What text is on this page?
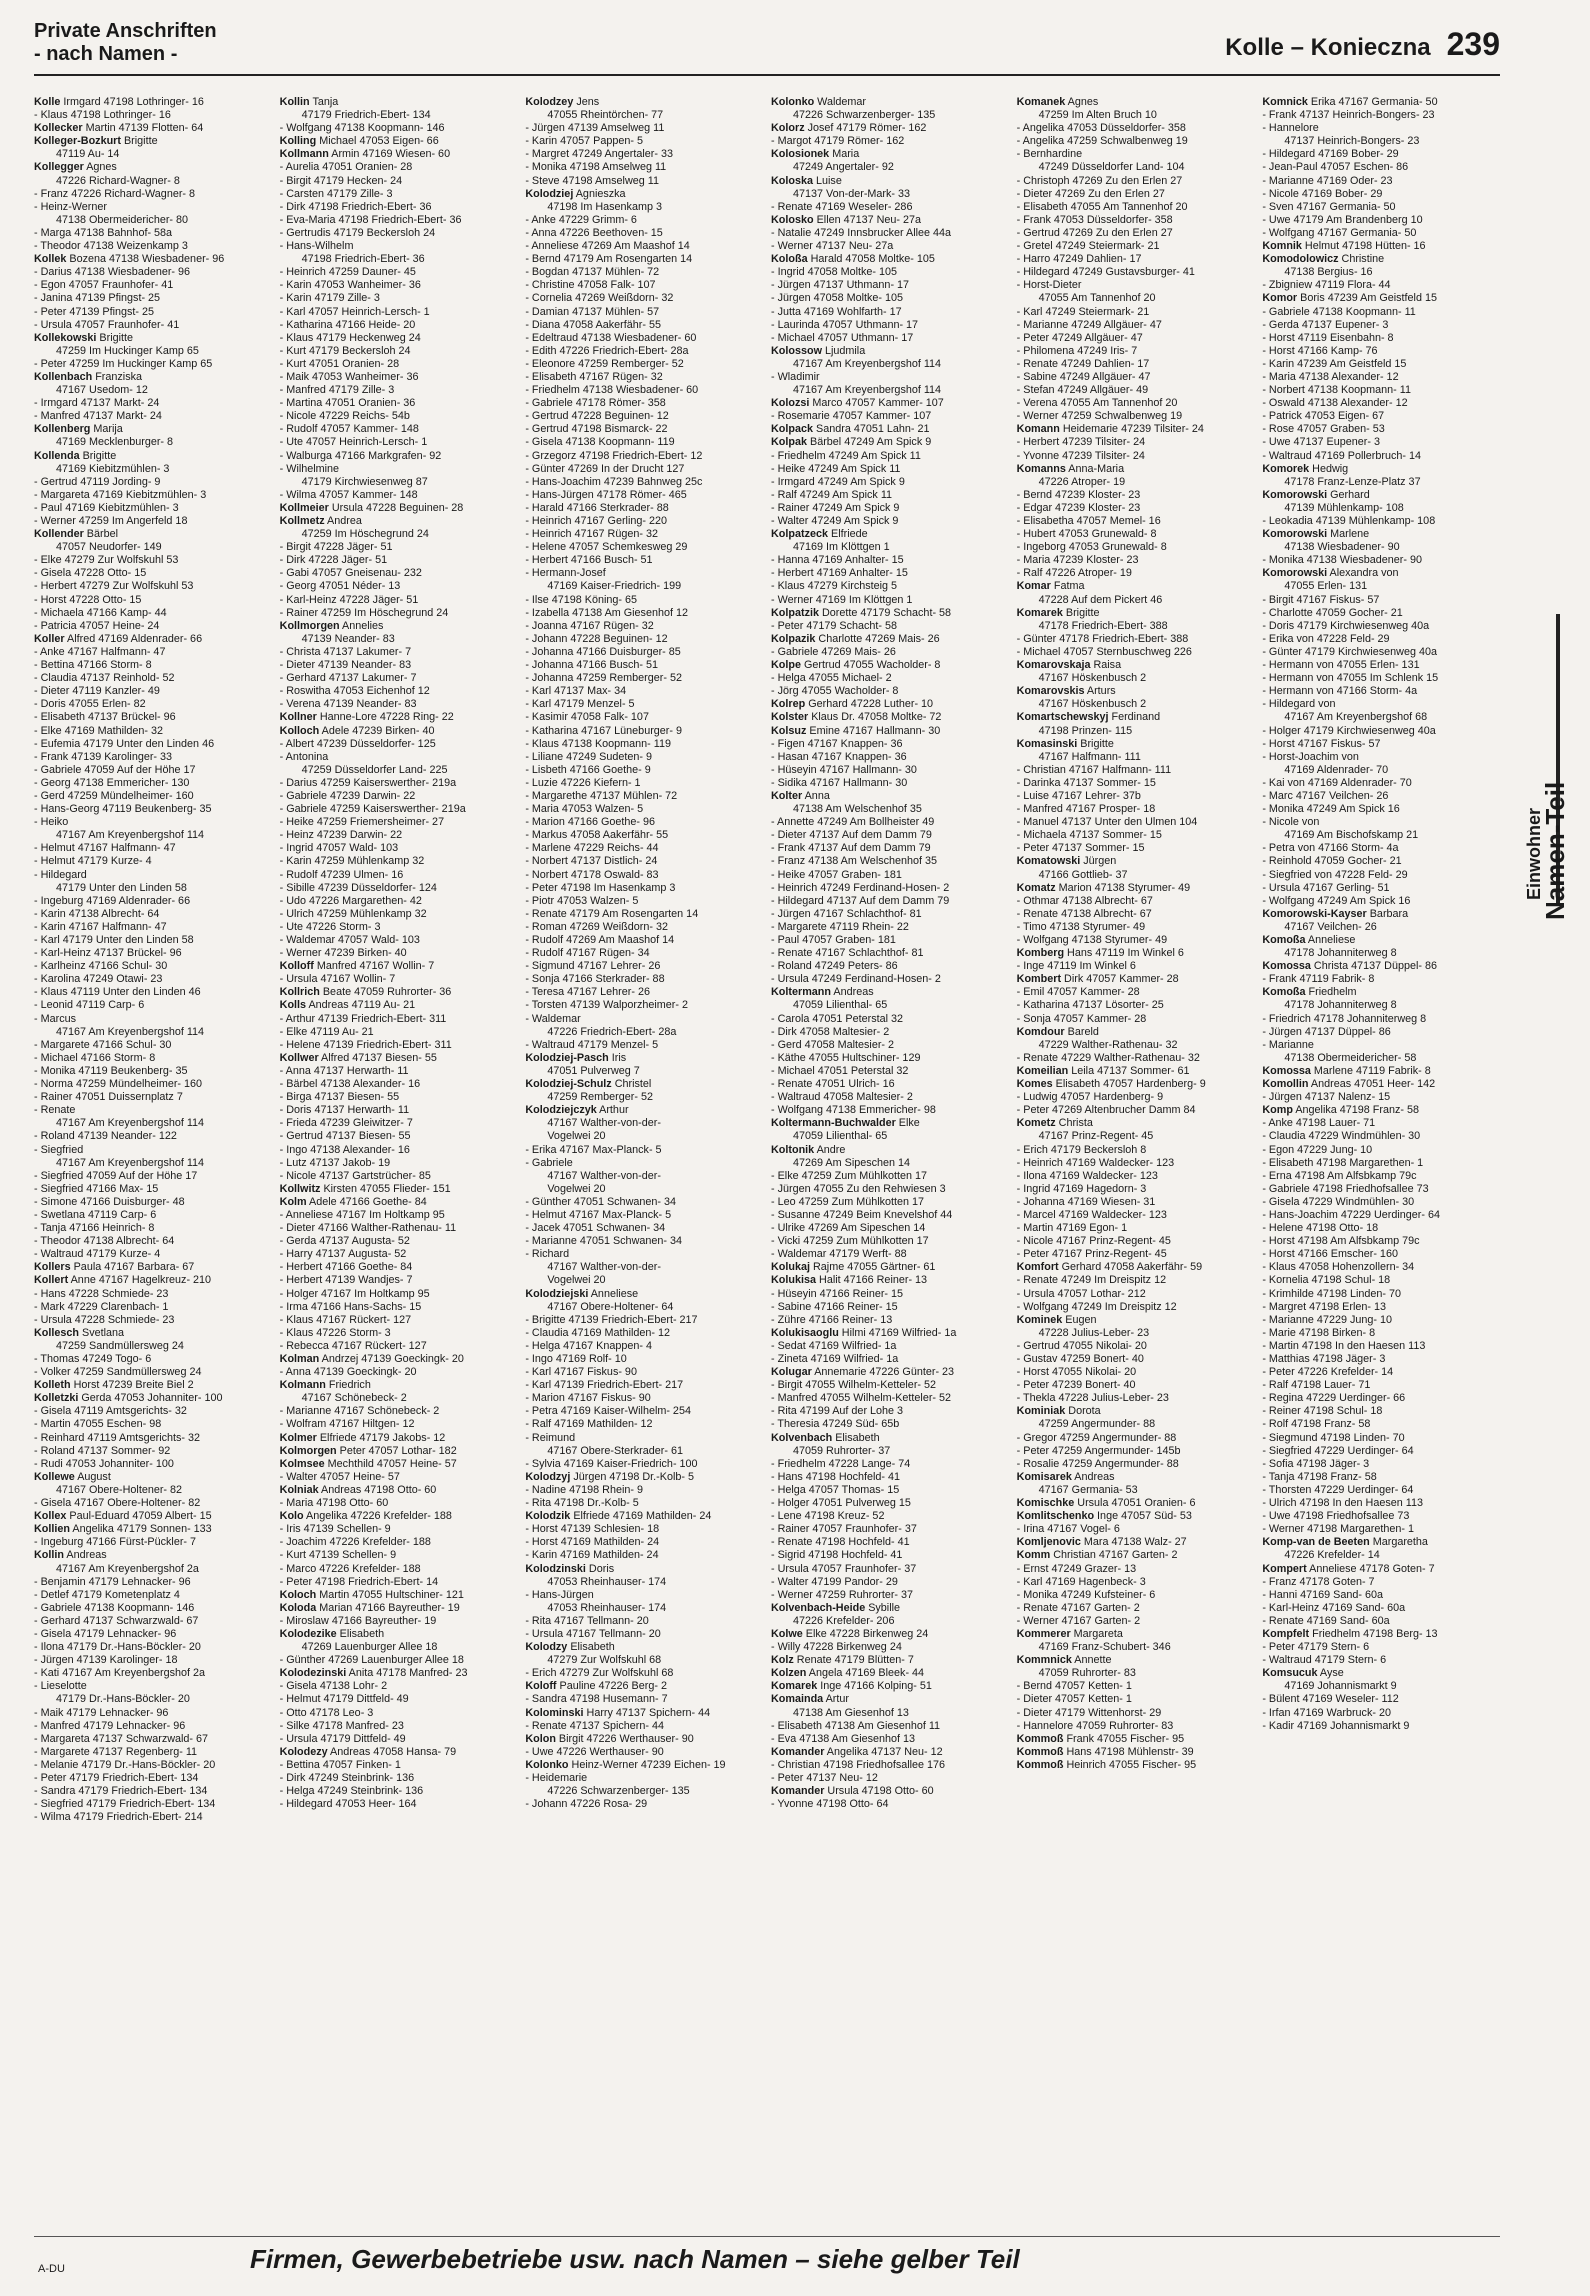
Private Anschriften
- nach Namen -	Kolle – Konieczna 239
Kolle Irmgard 47198 Lothringer- 16
- Klaus 47198 Lothringer- 16
Kollecker Martin 47139 Flotten- 64
Kolleger-Bozkurt Brigitte
47119 Au- 14
Kollegger Agnes
47226 Richard-Wagner- 8
- Franz 47226 Richard-Wagner- 8
- Heinz-Werner
47138 Obermeidericher- 80
- Marga 47138 Bahnhof- 58a
- Theodor 47138 Weizenkamp 3
Kollek Bozena 47138 Wiesbadener- 96
- Darius 47138 Wiesbadener- 96
- Egon 47057 Fraunhofer- 41
- Janina 47139 Pfingst- 25
- Peter 47139 Pfingst- 25
- Ursula 47057 Fraunhofer- 41
Kollekowski Brigitte
47259 Im Huckinger Kamp 65
- Peter 47259 Im Huckinger Kamp 65
Kollenbach Franziska
47167 Usedom- 12
- Irmgard 47137 Markt- 24
- Manfred 47137 Markt- 24
Kollenberg Marija
47169 Mecklenburger- 8
Kollenda Brigitte
47169 Kiebitzmühlen- 3
- Gertrud 47119 Jording- 9
- Margareta 47169 Kiebitzmühlen- 3
- Paul 47169 Kiebitzmühlen- 3
- Werner 47259 Im Angerfeld 18
Kollender Bärbel
47057 Neudorfer- 149
- Elke 47279 Zur Wolfskuhl 53
- Gisela 47228 Otto- 15
- Herbert 47279 Zur Wolfskuhl 53
- Horst 47228 Otto- 15
- Michaela 47166 Kamp- 44
- Patricia 47057 Heine- 24
Koller Alfred 47169 Aldenrader- 66
- Anke 47167 Halfmann- 47
- Bettina 47166 Storm- 8
- Claudia 47137 Reinhold- 52
- Dieter 47119 Kanzler- 49
- Doris 47055 Erlen- 82
- Elisabeth 47137 Brückel- 96
- Elke 47169 Mathilden- 32
- Eufemia 47179 Unter den Linden 46
- Frank 47139 Karolinger- 33
- Gabriele 47059 Auf der Höhe 17
- Georg 47138 Emmericher- 130
- Gerd 47259 Mündelheimer- 160
- Hans-Georg 47119 Beukenberg- 35
- Heiko
47167 Am Kreyenbergshof 114
- Helmut 47167 Halfmann- 47
- Helmut 47179 Kurze- 4
- Hildegard
47179 Unter den Linden 58
- Ingeburg 47169 Aldenrader- 66
- Karin 47138 Albrecht- 64
- Karin 47167 Halfmann- 47
- Karl 47179 Unter den Linden 58
- Karl-Heinz 47137 Brückel- 96
- Karlheinz 47166 Schul- 30
- Karolina 47249 Otawi- 23
- Klaus 47119 Unter den Linden 46
- Leonid 47119 Carp- 6
- Marcus
47167 Am Kreyenbergshof 114
- Margarete 47166 Schul- 30
- Michael 47166 Storm- 8
- Monika 47119 Beukenberg- 35
- Norma 47259 Mündelheimer- 160
- Rainer 47051 Duissernplatz 7
- Renate
47167 Am Kreyenbergshof 114
- Roland 47139 Neander- 122
- Siegfried
47167 Am Kreyenbergshof 114
- Siegfried 47059 Auf der Höhe 17
- Siegfried 47166 Max- 15
- Simone 47166 Duisburger- 48
- Swetlana 47119 Carp- 6
- Tanja 47166 Heinrich- 8
- Theodor 47138 Albrecht- 64
- Waltraud 47179 Kurze- 4
Kollers Paula 47167 Barbara- 67
Kollert Anne 47167 Hagelkreuz- 210
- Hans 47228 Schmiede- 23
- Mark 47229 Clarenbach- 1
- Ursula 47228 Schmiede- 23
Kollesch Svetlana
47259 Sandmüllersweg 24
- Thomas 47249 Togo- 6
- Volker 47259 Sandmüllersweg 24
Kolleth Horst 47239 Breite Biel 2
Kolletzki Gerda 47053 Johanniter- 100
- Gisela 47119 Amtsgerichts- 32
- Martin 47055 Eschen- 98
- Reinhard 47119 Amtsgerichts- 32
- Roland 47137 Sommer- 92
- Rudi 47053 Johanniter- 100
Kollewe August
47167 Obere-Holtener- 82
- Gisela 47167 Obere-Holtener- 82
Kollex Paul-Eduard 47059 Albert- 15
Kollien Angelika 47179 Sonnen- 133
- Ingeburg 47166 Fürst-Pückler- 7
Kollin Andreas
47167 Am Kreyenbergshof 2a
- Benjamin 47179 Lehnacker- 96
- Detlef 47179 Kometenplatz 4
- Gabriele 47138 Koopmann- 146
- Gerhard 47137 Schwarzwald- 67
- Gisela 47179 Lehnacker- 96
- Ilona 47179 Dr.-Hans-Böckler- 20
- Jürgen 47139 Karolinger- 18
- Kati 47167 Am Kreyenbergshof 2a
- Lieselotte
47179 Dr.-Hans-Böckler- 20
- Maik 47179 Lehnacker- 96
- Manfred 47179 Lehnacker- 96
- Margareta 47137 Schwarzwald- 67
- Margarete 47137 Regenberg- 11
- Melanie 47179 Dr.-Hans-Böckler- 20
- Peter 47179 Friedrich-Ebert- 134
- Sandra 47179 Friedrich-Ebert- 134
- Siegfried 47179 Friedrich-Ebert- 134
- Wilma 47179 Friedrich-Ebert- 214
Kollin Tanja
47179 Friedrich-Ebert- 134
- Wolfgang 47138 Koopmann- 146
Kolling Michael 47053 Eigen- 66
Kollmann Armin 47169 Wiesen- 60
- Aurelia 47051 Oranien- 28
- Birgit 47179 Hecken- 24
- Carsten 47179 Zille- 3
- Dirk 47198 Friedrich-Ebert- 36
- Eva-Maria 47198 Friedrich-Ebert- 36
- Gertrudis 47179 Beckersloh 24
- Hans-Wilhelm
47198 Friedrich-Ebert- 36
- Heinrich 47259 Dauner- 45
- Karin 47053 Wanheimer- 36
- Karin 47179 Zille- 3
- Karl 47057 Heinrich-Lersch- 1
- Katharina 47166 Heide- 20
- Klaus 47179 Heckenweg 24
- Kurt 47179 Beckersloh 24
- Kurt 47051 Oranien- 28
- Maik 47053 Wanheimer- 36
- Manfred 47179 Zille- 3
- Martina 47051 Oranien- 36
- Nicole 47229 Reichs- 54b
- Rudolf 47057 Kammer- 148
- Ute 47057 Heinrich-Lersch- 1
- Walburga 47166 Markgrafen- 92
- Wilhelmine
47179 Kirchwiesenweg 87
- Wilma 47057 Kammer- 148
Kollmeier Ursula 47228 Beguinen- 28
Kollmetz Andrea
47259 Im Höschegrund 24
- Birgit 47228 Jäger- 51
- Dirk 47228 Jäger- 51
- Gabi 47057 Gneisenau- 232
- Georg 47051 Néder- 13
- Karl-Heinz 47228 Jäger- 51
- Rainer 47259 Im Höschegrund 24
Kollmorgen Annelies
47139 Neander- 83
- Christa 47137 Lakumer- 7
- Dieter 47139 Neander- 83
- Gerhard 47137 Lakumer- 7
- Roswitha 47053 Eichenhof 12
- Verena 47139 Neander- 83
Kollner Hanne-Lore 47228 Ring- 22
Kolloch Adele 47239 Birken- 40
- Albert 47239 Düsseldorfer- 125
- Antonina
47259 Düsseldorfer Land- 225
- Darius 47259 Kaiserswerther- 219a
- Gabriele 47239 Darwin- 22
- Gabriele 47259 Kaiserswerther- 219a
- Heike 47259 Friemersheimer- 27
- Heinz 47239 Darwin- 22
- Ingrid 47057 Wald- 103
- Karin 47259 Mühlenkamp 32
- Rudolf 47239 Ulmen- 16
- Sibille 47239 Düsseldorfer- 124
- Udo 47226 Margarethen- 42
- Ulrich 47259 Mühlenkamp 32
- Ute 47226 Storm- 3
- Waldemar 47057 Wald- 103
- Werner 47239 Birken- 40
Kolloff Manfred 47167 Wollin- 7
- Ursula 47167 Wollin- 7
Kollrich Beate 47059 Ruhrorter- 36
Kolls Andreas 47119 Au- 21
- Arthur 47139 Friedrich-Ebert- 311
- Elke 47119 Au- 21
- Helene 47139 Friedrich-Ebert- 311
Kollwer Alfred 47137 Biesen- 55
- Anna 47137 Herwarth- 11
- Bärbel 47138 Alexander- 16
- Birga 47137 Biesen- 55
- Doris 47137 Herwarth- 11
- Frieda 47239 Gleiwitzer- 7
- Gertrud 47137 Biesen- 55
- Ingo 47138 Alexander- 16
- Lutz 47137 Jakob- 19
- Nicole 47137 Gartstrücher- 85
Kollwitz Kirsten 47055 Flieder- 151
Kolm Adele 47166 Goethe- 84
- Anneliese 47167 Im Holtkamp 95
- Dieter 47166 Walther-Rathenau- 11
- Gerda 47137 Augusta- 52
- Harry 47137 Augusta- 52
- Herbert 47166 Goethe- 84
- Herbert 47139 Wandjes- 7
- Holger 47167 Im Holtkamp 95
- Irma 47166 Hans-Sachs- 15
- Klaus 47167 Rückert- 127
- Klaus 47226 Storm- 3
- Rebecca 47167 Rückert- 127
Kolman Andrzej 47139 Goeckingk- 20
- Anna 47139 Goeckingk- 20
Kolmann Friedrich
47167 Schönebeck- 2
- Marianne 47167 Schönebeck- 2
- Wolfram 47167 Hiltgen- 12
Kolmer Elfriede 47179 Jakobs- 12
Kolmorgen Peter 47057 Lothar- 182
Kolmsee Mechthild 47057 Heine- 57
- Walter 47057 Heine- 57
Kolniak Andreas 47198 Otto- 60
- Maria 47198 Otto- 60
Kolo Angelika 47226 Krefelder- 188
- Iris 47139 Schellen- 9
- Joachim 47226 Krefelder- 188
- Kurt 47139 Schellen- 9
- Marco 47226 Krefelder- 188
- Peter 47198 Friedrich-Ebert- 14
Koloch Martin 47055 Hultschiner- 121
Koloda Marian 47166 Bayreuther- 19
- Miroslaw 47166 Bayreuther- 19
Kolodezike Elisabeth
47269 Lauenburger Allee 18
- Günther 47269 Lauenburger Allee 18
Kolodezinski Anita 47178 Manfred- 23
- Gisela 47138 Lohr- 2
- Helmut 47179 Dittfeld- 49
- Otto 47178 Leo- 3
- Silke 47178 Manfred- 23
- Ursula 47179 Dittfeld- 49
Kolodezy Andreas 47058 Hansa- 79
- Bettina 47057 Finken- 1
- Dirk 47249 Steinbrink- 136
- Helga 47249 Steinbrink- 136
- Hildegard 47053 Heer- 164
Kolodzey Jens
47055 Rheintörchen- 77
- Jürgen 47139 Amselweg 11
- Karin 47057 Pappen- 5
- Margret 47249 Angertaler- 33
- Monika 47198 Amselweg 11
- Steve 47198 Amselweg 11
Kolodziej Agnieszka
47198 Im Hasenkamp 3
- Anke 47229 Grimm- 6
- Anna 47226 Beethoven- 15
- Anneliese 47269 Am Maashof 14
- Bernd 47179 Am Rosengarten 14
- Bogdan 47137 Mühlen- 72
- Christine 47058 Falk- 107
- Cornelia 47269 Weißdorn- 32
- Damian 47137 Mühlen- 57
- Diana 47058 Aakerfähr- 55
- Edeltraud 47138 Wiesbadener- 60
- Edith 47226 Friedrich-Ebert- 28a
- Eleonore 47259 Remberger- 52
- Elisabeth 47167 Rügen- 32
- Friedhelm 47138 Wiesbadener- 60
- Gabriele 47178 Römer- 358
- Gertrud 47228 Beguinen- 12
- Gertrud 47198 Bismarck- 22
- Gisela 47138 Koopmann- 119
- Grzegorz 47198 Friedrich-Ebert- 12
- Günter 47269 In der Drucht 127
- Hans-Joachim 47239 Bahnweg 25c
- Hans-Jürgen 47178 Römer- 465
- Harald 47166 Sterkrader- 88
- Heinrich 47167 Gerling- 220
- Heinrich 47167 Rügen- 32
- Helene 47057 Schemkesweg 29
- Herbert 47166 Busch- 51
- Hermann-Josef
47169 Kaiser-Friedrich- 199
- Ilse 47198 Köning- 65
- Izabella 47138 Am Giesenhof 12
- Joanna 47167 Rügen- 32
- Johann 47228 Beguinen- 12
- Johanna 47166 Duisburger- 85
- Johanna 47166 Busch- 51
- Johanna 47259 Remberger- 52
- Karl 47137 Max- 34
- Karl 47179 Menzel- 5
- Kasimir 47058 Falk- 107
- Katharina 47167 Lüneburger- 9
- Klaus 47138 Koopmann- 119
- Liliane 47249 Sudeten- 9
- Lisbeth 47166 Goethe- 9
- Luzie 47226 Kiefern- 1
- Margarethe 47137 Mühlen- 72
- Maria 47053 Walzen- 5
- Marion 47166 Goethe- 96
- Markus 47058 Aakerfähr- 55
- Marlene 47229 Reichs- 44
- Norbert 47137 Distlich- 24
- Norbert 47178 Oswald- 83
- Peter 47198 Im Hasenkamp 3
- Piotr 47053 Walzen- 5
- Renate 47179 Am Rosengarten 14
- Roman 47269 Weißdorn- 32
- Rudolf 47269 Am Maashof 14
- Rudolf 47167 Rügen- 34
- Sigmund 47167 Lehrer- 26
- Sonja 47166 Sterkrader- 88
- Teresa 47167 Lehrer- 26
- Torsten 47139 Walporzheimer- 2
- Waldemar
47226 Friedrich-Ebert- 28a
- Waltraud 47179 Menzel- 5
Kolodziej-Pasch Iris
47051 Pulverweg 7
Kolodziej-Schulz Christel
47259 Remberger- 52
Kolodziejczyk Arthur
47167 Walther-von-der-
Vogelwei 20
- Erika 47167 Max-Planck- 5
- Gabriele
47167 Walther-von-der-
Vogelwei 20
- Günther 47051 Schwanen- 34
- Helmut 47167 Max-Planck- 5
- Jacek 47051 Schwanen- 34
- Marianne 47051 Schwanen- 34
- Richard
47167 Walther-von-der-
Vogelwei 20
Kolodziejski Anneliese
47167 Obere-Holtener- 64
- Brigitte 47139 Friedrich-Ebert- 217
- Claudia 47169 Mathilden- 12
- Helga 47167 Knappen- 4
- Ingo 47169 Rolf- 10
- Karl 47167 Fiskus- 90
- Karl 47139 Friedrich-Ebert- 217
- Marion 47167 Fiskus- 90
- Petra 47169 Kaiser-Wilhelm- 254
- Ralf 47169 Mathilden- 12
- Reimund
47167 Obere-Sterkrader- 61
- Sylvia 47169 Kaiser-Friedrich- 100
Kolodzyj Jürgen 47198 Dr.-Kolb- 5
- Nadine 47198 Rhein- 9
- Rita 47198 Dr.-Kolb- 5
Kolodzik Elfriede 47169 Mathilden- 24
- Horst 47139 Schlesien- 18
- Horst 47169 Mathilden- 24
- Karin 47169 Mathilden- 24
Kolodzinski Doris
47053 Rheinhauser- 174
- Hans-Jürgen
47053 Rheinhauser- 174
- Rita 47167 Tellmann- 20
- Ursula 47167 Tellmann- 20
Kolodzy Elisabeth
47279 Zur Wolfskuhl 68
- Erich 47279 Zur Wolfskuhl 68
Koloff Pauline 47226 Berg- 2
- Sandra 47198 Husemann- 7
Kolominski Harry 47137 Spichern- 44
- Renate 47137 Spichern- 44
Kolon Birgit 47226 Werthauser- 90
- Uwe 47226 Werthauser- 90
Kolonko Heinz-Werner 47239 Eichen- 19
- Heidemarie
47226 Schwarzenberger- 135
- Johann 47226 Rosa- 29
Kolonko Waldemar
47226 Schwarzenberger- 135
Kolorz Josef 47179 Römer- 162
- Margot 47179 Römer- 162
Kolosionek Maria
47249 Angertaler- 92
Koloska Luise
47137 Von-der-Mark- 33
- Renate 47169 Weseler- 286
Kolosko Ellen 47137 Neu- 27a
- Natalie 47249 Innsbrucker Allee 44a
- Werner 47137 Neu- 27a
Koloßa Harald 47058 Moltke- 105
- Ingrid 47058 Moltke- 105
- Jürgen 47137 Uthmann- 17
- Jürgen 47058 Moltke- 105
- Jutta 47169 Wohlfarth- 17
- Laurinda 47057 Uthmann- 17
- Michael 47057 Uthmann- 17
Kolossow Ljudmila
47167 Am Kreyenbergshof 114
- Wladimir
47167 Am Kreyenbergshof 114
Kolozsi Marco 47057 Kammer- 107
- Rosemarie 47057 Kammer- 107
Kolpack Sandra 47051 Lahn- 21
Kolpak Bärbel 47249 Am Spick 9
- Friedhelm 47249 Am Spick 11
- Heike 47249 Am Spick 11
- Irmgard 47249 Am Spick 9
- Ralf 47249 Am Spick 11
- Rainer 47249 Am Spick 9
- Walter 47249 Am Spick 9
Kolpatzeck Elfriede
47169 Im Klöttgen 1
- Hanna 47169 Anhalter- 15
- Herbert 47169 Anhalter- 15
- Klaus 47279 Kirchsteig 5
- Werner 47169 Im Klöttgen 1
Kolpatzik Dorette 47179 Schacht- 58
- Peter 47179 Schacht- 58
Kolpazik Charlotte 47269 Mais- 26
- Gabriele 47269 Mais- 26
Kolpe Gertrud 47055 Wacholder- 8
- Helga 47055 Michael- 2
- Jörg 47055 Wacholder- 8
Kolrep Gerhard 47228 Luther- 10
Kolster Klaus Dr. 47058 Moltke- 72
Kolsuz Emine 47167 Hallmann- 30
- Figen 47167 Knappen- 36
- Hasan 47167 Knappen- 36
- Hüseyin 47167 Hallmann- 30
- Sidika 47167 Hallmann- 30
Kolter Anna
47138 Am Welschenhof 35
- Annette 47249 Am Bollheister 49
- Dieter 47137 Auf dem Damm 79
- Frank 47137 Auf dem Damm 79
- Franz 47138 Am Welschenhof 35
- Heike 47057 Graben- 181
- Heinrich 47249 Ferdinand-Hosen- 2
- Hildegard 47137 Auf dem Damm 79
- Jürgen 47167 Schlachthof- 81
- Margarete 47119 Rhein- 22
- Paul 47057 Graben- 181
- Renate 47167 Schlachthof- 81
- Roland 47249 Peters- 86
- Ursula 47249 Ferdinand-Hosen- 2
Koltermann Andreas
47059 Lilienthal- 65
- Carola 47051 Peterstal 32
- Dirk 47058 Maltesier- 2
- Gerd 47058 Maltesier- 2
- Käthe 47055 Hultschiner- 129
- Michael 47051 Peterstal 32
- Renate 47051 Ulrich- 16
- Waltraud 47058 Maltesier- 2
- Wolfgang 47138 Emmericher- 98
Koltermann-Buchwalder Elke
47059 Lilienthal- 65
Koltonik Andre
47269 Am Sipeschen 14
- Elke 47259 Zum Mühlkotten 17
- Jürgen 47055 Zu den Rehwiesen 3
- Leo 47259 Zum Mühlkotten 17
- Susanne 47249 Beim Knevelshof 44
- Ulrike 47269 Am Sipeschen 14
- Vicki 47259 Zum Mühlkotten 17
- Waldemar 47179 Werft- 88
Kolukaj Rajme 47055 Gärtner- 61
Kolukisa Halit 47166 Reiner- 13
- Hüseyin 47166 Reiner- 15
- Sabine 47166 Reiner- 15
- Zühre 47166 Reiner- 13
Kolukisaoglu Hilmi 47169 Wilfried- 1a
- Sedat 47169 Wilfried- 1a
- Zineta 47169 Wilfried- 1a
Kolugar Annemarie 47226 Günter- 23
- Birgit 47055 Wilhelm-Ketteler- 52
- Manfred 47055 Wilhelm-Ketteler- 52
- Rita 47199 Auf der Lohe 3
- Theresia 47249 Süd- 65b
Kolvenbach Elisabeth
47059 Ruhrorter- 37
- Friedhelm 47228 Lange- 74
- Hans 47198 Hochfeld- 41
- Helga 47057 Thomas- 15
- Holger 47051 Pulverweg 15
- Lene 47198 Kreuz- 52
- Rainer 47057 Fraunhofer- 37
- Renate 47198 Hochfeld- 41
- Sigrid 47198 Hochfeld- 41
- Ursula 47057 Fraunhofer- 37
- Walter 47199 Pandor- 29
- Werner 47259 Ruhrorter- 37
Kolvenbach-Heide Sybille
47226 Krefelder- 206
Kolwe Elke 47228 Birkenweg 24
- Willy 47228 Birkenweg 24
Kolz Renate 47179 Blütten- 7
Kolzen Angela 47169 Bleek- 44
Komarek Inge 47166 Kolping- 51
Komainda Artur
47138 Am Giesenhof 13
- Elisabeth 47138 Am Giesenhof 11
- Eva 47138 Am Giesenhof 13
Komander Angelika 47137 Neu- 12
- Christian 47198 Friedhofsallee 176
- Peter 47137 Neu- 12
Komander Ursula 47198 Otto- 60
- Yvonne 47198 Otto- 64
Komanek Agnes
47259 Im Alten Bruch 10
- Angelika 47053 Düsseldorfer- 358
- Angelika 47259 Schwalbenweg 19
- Bernhardine
47249 Düsseldorfer Land- 104
- Christoph 47269 Zu den Erlen 27
- Dieter 47269 Zu den Erlen 27
- Elisabeth 47055 Am Tannenhof 20
- Frank 47053 Düsseldorfer- 358
- Gertrud 47269 Zu den Erlen 27
- Gretel 47249 Steiermark- 21
- Harro 47249 Dahlien- 17
- Hildegard 47249 Gustavsburger- 41
- Horst-Dieter
47055 Am Tannenhof 20
- Karl 47249 Steiermark- 21
- Marianne 47249 Allgäuer- 47
- Peter 47249 Allgäuer- 47
- Philomena 47249 Iris- 7
- Renate 47249 Dahlien- 17
- Sabine 47249 Allgäuer- 47
- Stefan 47249 Allgäuer- 49
- Verena 47055 Am Tannenhof 20
- Werner 47259 Schwalbenweg 19
Komann Heidemarie 47239 Tilsiter- 24
- Herbert 47239 Tilsiter- 24
- Yvonne 47239 Tilsiter- 24
Komanns Anna-Maria
47226 Atroper- 19
- Bernd 47239 Kloster- 23
- Edgar 47239 Kloster- 23
- Elisabetha 47057 Memel- 16
- Hubert 47053 Grunewald- 8
- Ingeborg 47053 Grunewald- 8
- Maria 47239 Kloster- 23
- Ralf 47226 Atroper- 19
Komar Fatma
47228 Auf dem Pickert 46
Komarek Brigitte
47178 Friedrich-Ebert- 388
- Günter 47178 Friedrich-Ebert- 388
- Michael 47057 Sternbuschweg 226
Komarovskaja Raisa
47167 Höskenbusch 2
Komarovskis Arturs
47167 Höskenbusch 2
Komartschewskyj Ferdinand
47198 Prinzen- 115
Komasinski Brigitte
47167 Halfmann- 111
- Christian 47167 Halfmann- 111
- Darinka 47137 Sommer- 15
- Luise 47167 Lehrer- 37b
- Manfred 47167 Prosper- 18
- Manuel 47137 Unter den Ulmen 104
- Michaela 47137 Sommer- 15
- Peter 47137 Sommer- 15
Komatowski Jürgen
47166 Gottlieb- 37
Komatz Marion 47138 Styrumer- 49
- Othmar 47138 Albrecht- 67
- Renate 47138 Albrecht- 67
- Timo 47138 Styrumer- 49
- Wolfgang 47138 Styrumer- 49
Komberg Hans 47119 Im Winkel 6
- Inge 47119 Im Winkel 6
Kombert Dirk 47057 Kammer- 28
- Emil 47057 Kammer- 28
- Katharina 47137 Lösorter- 25
- Sonja 47057 Kammer- 28
Komdour Bareld
47229 Walther-Rathenau- 32
- Renate 47229 Walther-Rathenau- 32
Komeilian Leila 47137 Sommer- 61
Komes Elisabeth 47057 Hardenberg- 9
- Ludwig 47057 Hardenberg- 9
- Peter 47269 Altenbrucher Damm 84
Kometz Christa
47167 Prinz-Regent- 45
- Erich 47179 Beckersloh 8
- Heinrich 47169 Waldecker- 123
- Ilona 47169 Waldecker- 123
- Ingrid 47169 Hagedorn- 3
- Johanna 47169 Wiesen- 31
- Marcel 47169 Waldecker- 123
- Martin 47169 Egon- 1
- Nicole 47167 Prinz-Regent- 45
- Peter 47167 Prinz-Regent- 45
Komfort Gerhard 47058 Aakerfähr- 59
- Renate 47249 Im Dreispitz 12
- Ursula 47057 Lothar- 212
- Wolfgang 47249 Im Dreispitz 12
Kominek Eugen
47228 Julius-Leber- 23
- Gertrud 47055 Nikolai- 20
- Gustav 47259 Bonert- 40
- Horst 47055 Nikolai- 20
- Peter 47239 Bonert- 40
- Thekla 47228 Julius-Leber- 23
Kominiak Dorota
47259 Angermunder- 88
- Gregor 47259 Angermunder- 88
- Peter 47259 Angermunder- 145b
- Rosalie 47259 Angermunder- 88
Komisarek Andreas
47167 Germania- 53
Komischke Ursula 47051 Oranien- 6
Komlitschenko Inge 47057 Süd- 53
- Irina 47167 Vogel- 6
Komljenovic Mara 47138 Walz- 27
Komm Christian 47167 Garten- 2
- Ernst 47249 Grazer- 13
- Karl 47169 Hagenbeck- 3
- Monika 47249 Kufsteiner- 6
- Renate 47167 Garten- 2
- Werner 47167 Garten- 2
Kommerer Margareta
47169 Franz-Schubert- 346
Kommnick Annette
47059 Ruhrorter- 83
- Bernd 47057 Ketten- 1
- Dieter 47057 Ketten- 1
- Dieter 47179 Wittenhorst- 29
- Hannelore 47059 Ruhrorter- 83
Kommoß Frank 47055 Fischer- 95
Kommoß Hans 47198 Mühlenstr- 39
Kommoß Heinrich 47055 Fischer- 95
Komnick Erika 47167 Germania- 50
- Frank 47137 Heinrich-Bongers- 23
- Hannelore
47137 Heinrich-Bongers- 23
- Hildegard 47169 Bober- 29
- Jean-Paul 47057 Eschen- 86
- Marianne 47169 Oder- 23
- Nicole 47169 Bober- 29
- Sven 47167 Germania- 50
- Uwe 47179 Am Brandenberg 10
- Wolfgang 47167 Germania- 50
Komnik Helmut 47198 Hütten- 16
Komodolowicz Christine
47138 Bergius- 16
- Zbigniew 47119 Flora- 44
Komor Boris 47239 Am Geistfeld 15
- Gabriele 47138 Koopmann- 11
- Gerda 47137 Eupener- 3
- Horst 47119 Eisenbahn- 8
- Horst 47166 Kamp- 76
- Karin 47239 Am Geistfeld 15
- Maria 47138 Alexander- 12
- Norbert 47138 Koopmann- 11
- Oswald 47138 Alexander- 12
- Patrick 47053 Eigen- 67
- Rose 47057 Graben- 53
- Uwe 47137 Eupener- 3
- Waltraud 47169 Pollerbruch- 14
Komorek Hedwig
47178 Franz-Lenze-Platz 37
Komorowski Gerhard
47139 Mühlenkamp- 108
- Leokadia 47139 Mühlenkamp- 108
Komorowski Marlene
47138 Wiesbadener- 90
- Monika 47138 Wiesbadener- 90
Komorowski Alexandra von
47055 Erlen- 131
- Birgit 47167 Fiskus- 57
- Charlotte 47059 Gocher- 21
- Doris 47179 Kirchwiesenweg 40a
- Erika von 47228 Feld- 29
- Günter 47179 Kirchwiesenweg 40a
- Hermann von 47055 Erlen- 131
- Hermann von 47055 Im Schlenk 15
- Hermann von 47166 Storm- 4a
- Hildegard von
47167 Am Kreyenbergshof 68
- Holger 47179 Kirchwiesenweg 40a
- Horst 47167 Fiskus- 57
- Horst-Joachim von
47169 Aldenrader- 70
- Kai von 47169 Aldenrader- 70
- Marc 47167 Veilchen- 26
- Monika 47249 Am Spick 16
- Nicole von
47169 Am Bischofskamp 21
- Petra von 47166 Storm- 4a
- Reinhold 47059 Gocher- 21
- Siegfried von 47228 Feld- 29
- Ursula 47167 Gerling- 51
- Wolfgang 47249 Am Spick 16
Komorowski-Kayser Barbara
47167 Veilchen- 26
Komoßa Anneliese
47178 Johanniterweg 8
Komossa Christa 47137 Düppel- 86
- Frank 47119 Fabrik- 8
Komoßa Friedhelm
47178 Johanniterweg 8
- Friedrich 47178 Johanniterweg 8
- Jürgen 47137 Düppel- 86
- Marianne
47138 Obermeidericher- 58
Komossa Marlene 47119 Fabrik- 8
Komollin Andreas 47051 Heer- 142
- Jürgen 47137 Nalenz- 15
Komp Angelika 47198 Franz- 58
- Anke 47198 Lauer- 71
- Claudia 47229 Windmühlen- 30
- Egon 47229 Jung- 10
- Elisabeth 47198 Margarethen- 1
- Erna 47198 Am Alfsbkamp 79c
- Gabriele 47198 Friedhofsallee 73
- Gisela 47229 Windmühlen- 30
- Hans-Joachim 47229 Uerdinger- 64
- Helene 47198 Otto- 18
- Horst 47198 Am Alfsbkamp 79c
- Horst 47166 Emscher- 160
- Klaus 47058 Hohenzollern- 34
- Kornelia 47198 Schul- 18
- Krimhilde 47198 Linden- 70
- Margret 47198 Erlen- 13
- Marianne 47229 Jung- 10
- Marie 47198 Birken- 8
- Martin 47198 In den Haesen 113
- Matthias 47198 Jäger- 3
- Peter 47226 Krefelder- 14
- Ralf 47198 Lauer- 71
- Regina 47229 Uerdinger- 66
- Reiner 47198 Schul- 18
- Rolf 47198 Franz- 58
- Siegmund 47198 Linden- 70
- Siegfried 47229 Uerdinger- 64
- Sofia 47198 Jäger- 3
- Tanja 47198 Franz- 58
- Thorsten 47229 Uerdinger- 64
- Ulrich 47198 In den Haesen 113
- Uwe 47198 Friedhofsallee 73
- Werner 47198 Margarethen- 1
Komp-van de Beeten Margaretha
47226 Krefelder- 14
Kompert Anneliese 47178 Goten- 7
- Franz 47178 Goten- 7
- Hanni 47169 Sand- 60a
- Karl-Heinz 47169 Sand- 60a
- Renate 47169 Sand- 60a
Kompfelt Friedhelm 47198 Berg- 13
- Peter 47179 Stern- 6
- Waltraud 47179 Stern- 6
Komsucuk Ayse
47169 Johannismarkt 9
- Bülent 47169 Weseler- 112
- Irfan 47169 Warbruck- 20
- Kadir 47169 Johannismarkt 9
Einwohner
Namen-Teil
A-DU	Firmen, Gewerbebetriebe usw. nach Namen – siehe gelber Teil
